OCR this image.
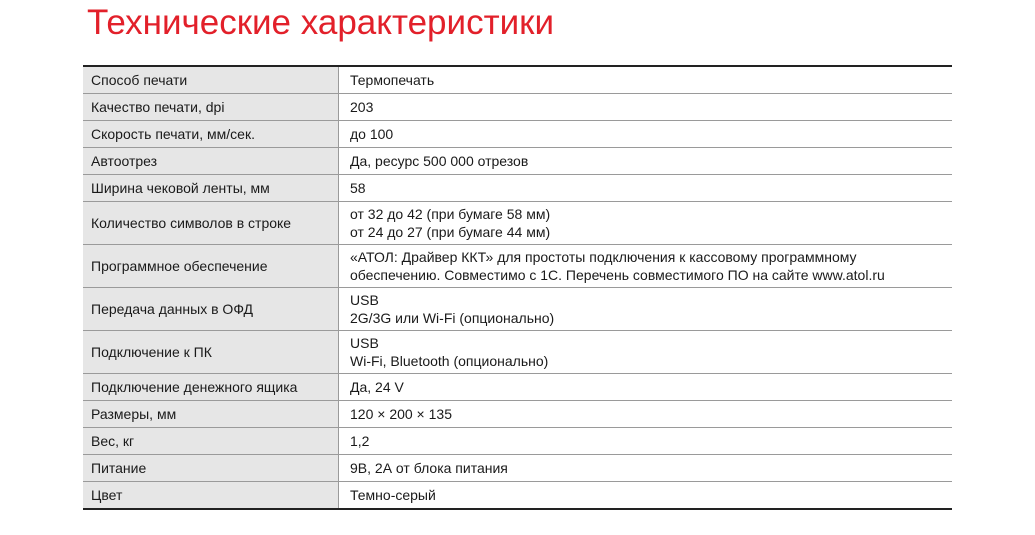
Технические характеристики
Способ печати	Термопечать

Качество печати, dpi	203

Скорость печати, мм/сек.	до 100

Автоотрез	Да, ресурс 500 000 отрезов

Ширина чековой ленты, мм	58

Количество символов в строке	от 32 до 42 (при бумаге 58 мм)
от 24 до 27 (при бумаге 44 мм)

Программное обеспечение	«АТОЛ: Драйвер ККТ» для простоты подключения к кассовому программному
обеспечению. Совместимо с 1С. Перечень совместимого ПО на сайте www.atol.ru

Передача данных в ОФД	USB
2G/3G или Wi-Fi (опционально)

Подключение к ПК	USB
Wi-Fi, Bluetooth (опционально)

Подключение денежного ящика	Да, 24 V

Размеры, мм	120 × 200 × 135

Вес, кг	1,2

Питание	9В, 2А от блока питания

Цвет	Темно-серый
